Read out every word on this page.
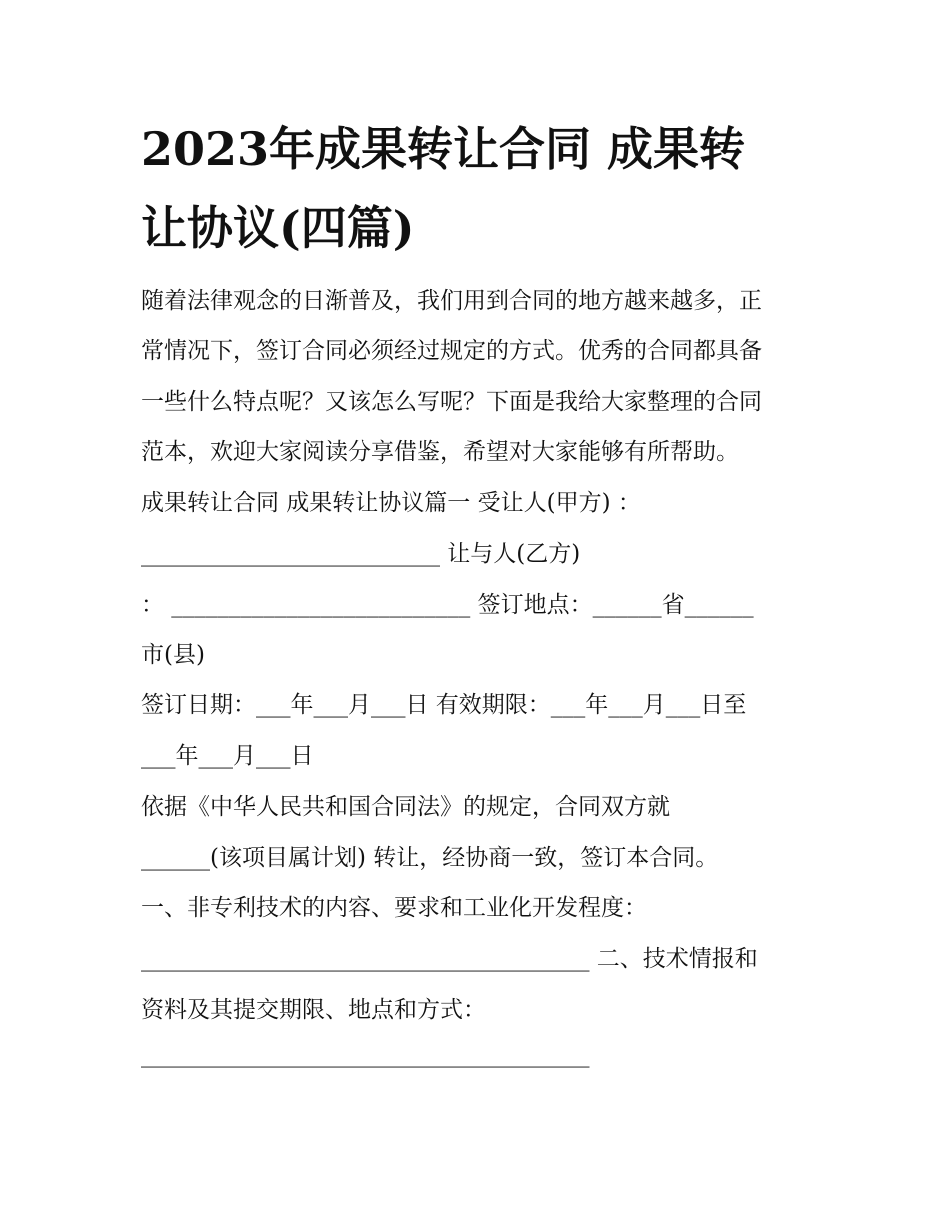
2023年成果转让合同 成果转
让协议(四篇)

随着法律观念的日渐普及，我们用到合同的地方越来越多，正

常情况下，签订合同必须经过规定的方式。优秀的合同都具备

一些什么特点呢？又该怎么写呢？下面是我给大家整理的合同

范本，欢迎大家阅读分享借鉴，希望对大家能够有所帮助。

成果转让合同 成果转让协议篇一 受让人(甲方) ：

__________________________ 让与人(乙方)

： __________________________ 签订地点：______省______

市(县)

签订日期：___年___月___日 有效期限：___年___月___日至

___年___月___日

依据《中华人民共和国合同法》的规定，合同双方就

______(该项目属计划) 转让，经协商一致，签订本合同。

一、非专利技术的内容、要求和工业化开发程度：

_______________________________________ 二、技术情报和

资料及其提交期限、地点和方式：

_______________________________________
